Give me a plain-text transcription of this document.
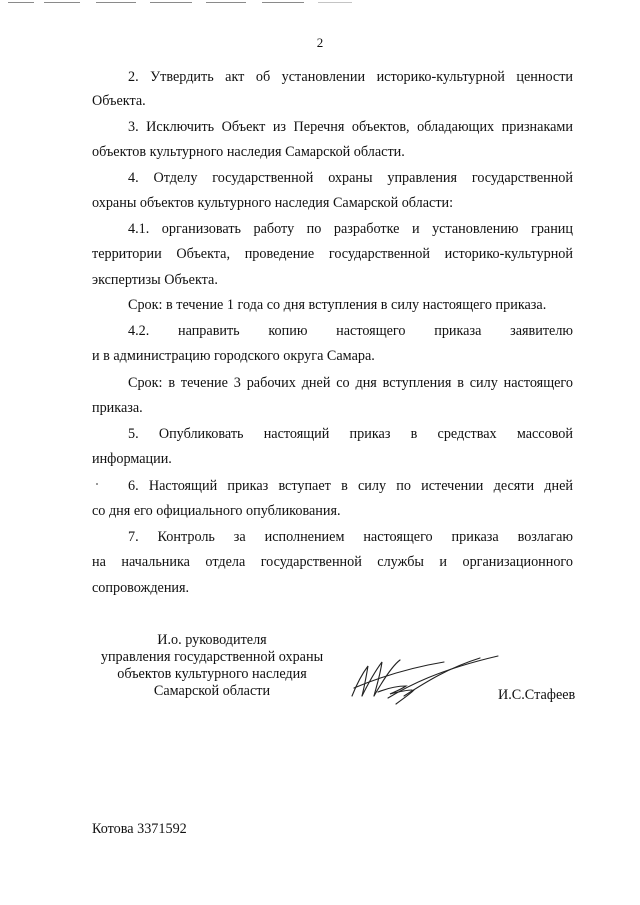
2
2. Утвердить акт об установлении историко-культурной ценности
Объекта.
3. Исключить Объект из Перечня объектов, обладающих признаками
объектов культурного наследия Самарской области.
4. Отделу государственной охраны управления государственной
охраны объектов культурного наследия Самарской области:
4.1. организовать работу по разработке и установлению границ
территории Объекта, проведение государственной историко-культурной
экспертизы Объекта.
Срок: в течение 1 года со дня вступления в силу настоящего приказа.
4.2. направить копию настоящего приказа заявителю
и в администрацию городского округа Самара.
Срок: в течение 3 рабочих дней со дня вступления в силу настоящего
приказа.
5. Опубликовать настоящий приказ в средствах массовой
информации.
6. Настоящий приказ вступает в силу по истечении десяти дней
со дня его официального опубликования.
7. Контроль за исполнением настоящего приказа возлагаю
на начальника отдела государственной службы и организационного
сопровождения.
И.о. руководителя
управления государственной охраны
объектов культурного наследия
Самарской области	И.С.Стафеев
Котова 3371592
